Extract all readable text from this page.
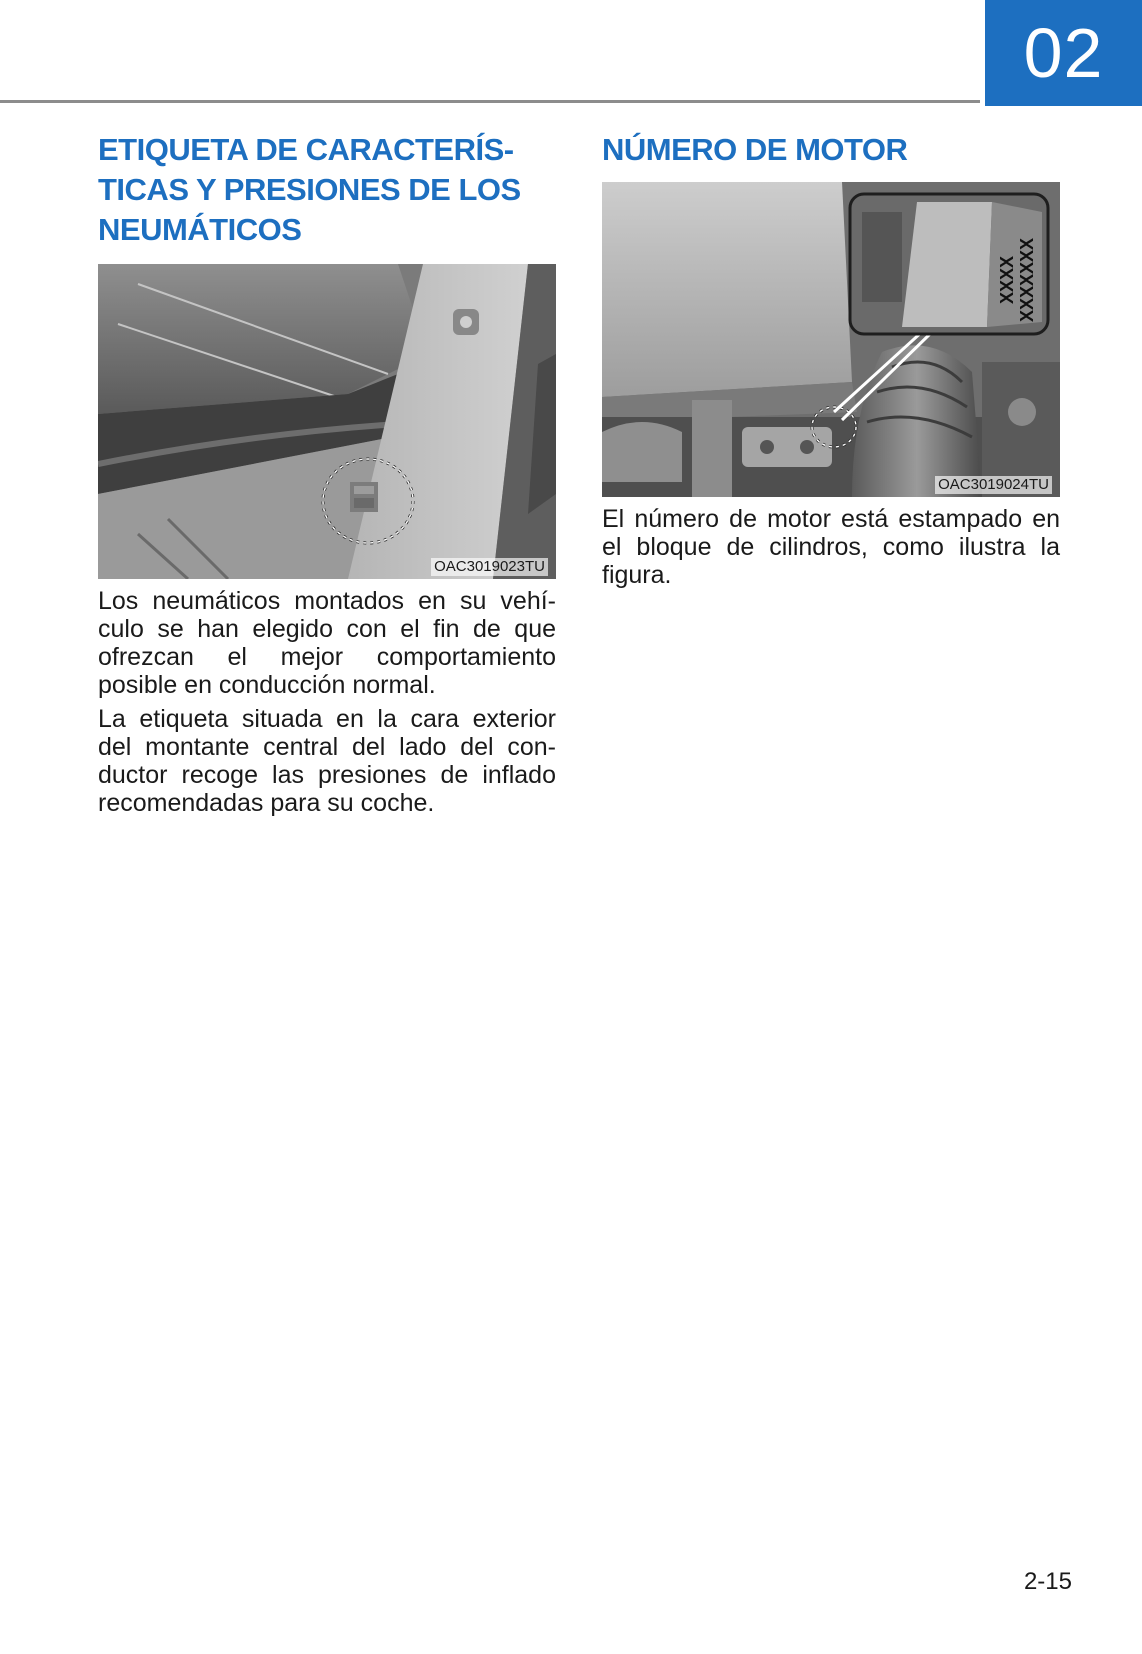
02
ETIQUETA DE CARACTERÍS-
TICAS Y PRESIONES DE LOS
NEUMÁTICOS
OAC3019023TU

Los neumáticos montados en su vehículo se han elegido con el fin de que ofrezcan el mejor comportamiento posible en conducción normal.

La etiqueta situada en la cara exterior del montante central del lado del conductor recoge las presiones de inflado recomendadas para su coche.

NÚMERO DE MOTOR
XXXX XXXXXXX
OAC3019024TU

El número de motor está estampado en el bloque de cilindros, como ilustra la figura.

2-15
